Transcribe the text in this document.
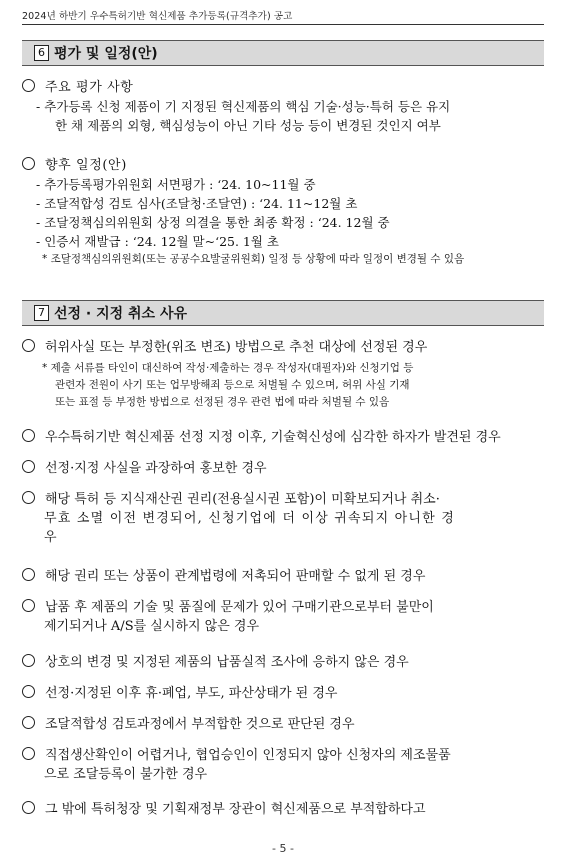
2024년 하반기 우수특허기반 혁신제품 추가등록(규격추가) 공고
6 평가 및 일정(안)
주요 평가 사항
- 추가등록 신청 제품이 기 지정된 혁신제품의 핵심 기술·성능·특허 등은 유지
한 채 제품의 외형, 핵심성능이 아닌 기타 성능 등이 변경된 것인지 여부
향후 일정(안)
- 추가등록평가위원회 서면평가 : ‘24. 10~11월 중
- 조달적합성 검토 심사(조달청·조달연) : ‘24. 11~12월 초
- 조달정책심의위원회 상정 의결을 통한 최종 확정 : ‘24. 12월 중
- 인증서 재발급 : ‘24. 12월 말~‘25. 1월 초
* 조달정책심의위원회(또는 공공수요발굴위원회) 일정 등 상황에 따라 일정이 변경될 수 있음
7 선정 · 지정 취소 사유
허위사실 또는 부정한(위조 변조) 방법으로 추천 대상에 선정된 경우
* 제출 서류를 타인이 대신하여 작성·제출하는 경우 작성자(대필자)와 신청기업 등
관련자 전원이 사기 또는 업무방해죄 등으로 처벌될 수 있으며, 허위 사실 기재
또는 표절 등 부정한 방법으로 선정된 경우 관련 법에 따라 처벌될 수 있음
우수특허기반 혁신제품 선정 지정 이후, 기술혁신성에 심각한 하자가 발견된 경우
선정·지정 사실을 과장하여 홍보한 경우
해당 특허 등 지식재산권 권리(전용실시권 포함)이 미확보되거나 취소·
무효 소멸 이전 변경되어, 신청기업에 더 이상 귀속되지 아니한 경
우
해당 권리 또는 상품이 관계법령에 저촉되어 판매할 수 없게 된 경우
납품 후 제품의 기술 및 품질에 문제가 있어 구매기관으로부터 불만이
제기되거나 A/S를 실시하지 않은 경우
상호의 변경 및 지정된 제품의 납품실적 조사에 응하지 않은 경우
선정·지정된 이후 휴·폐업, 부도, 파산상태가 된 경우
조달적합성 검토과정에서 부적합한 것으로 판단된 경우
직접생산확인이 어렵거나, 협업승인이 인정되지 않아 신청자의 제조물품
으로 조달등록이 불가한 경우
그 밖에 특허청장 및 기획재정부 장관이 혁신제품으로 부적합하다고
- 5 -
